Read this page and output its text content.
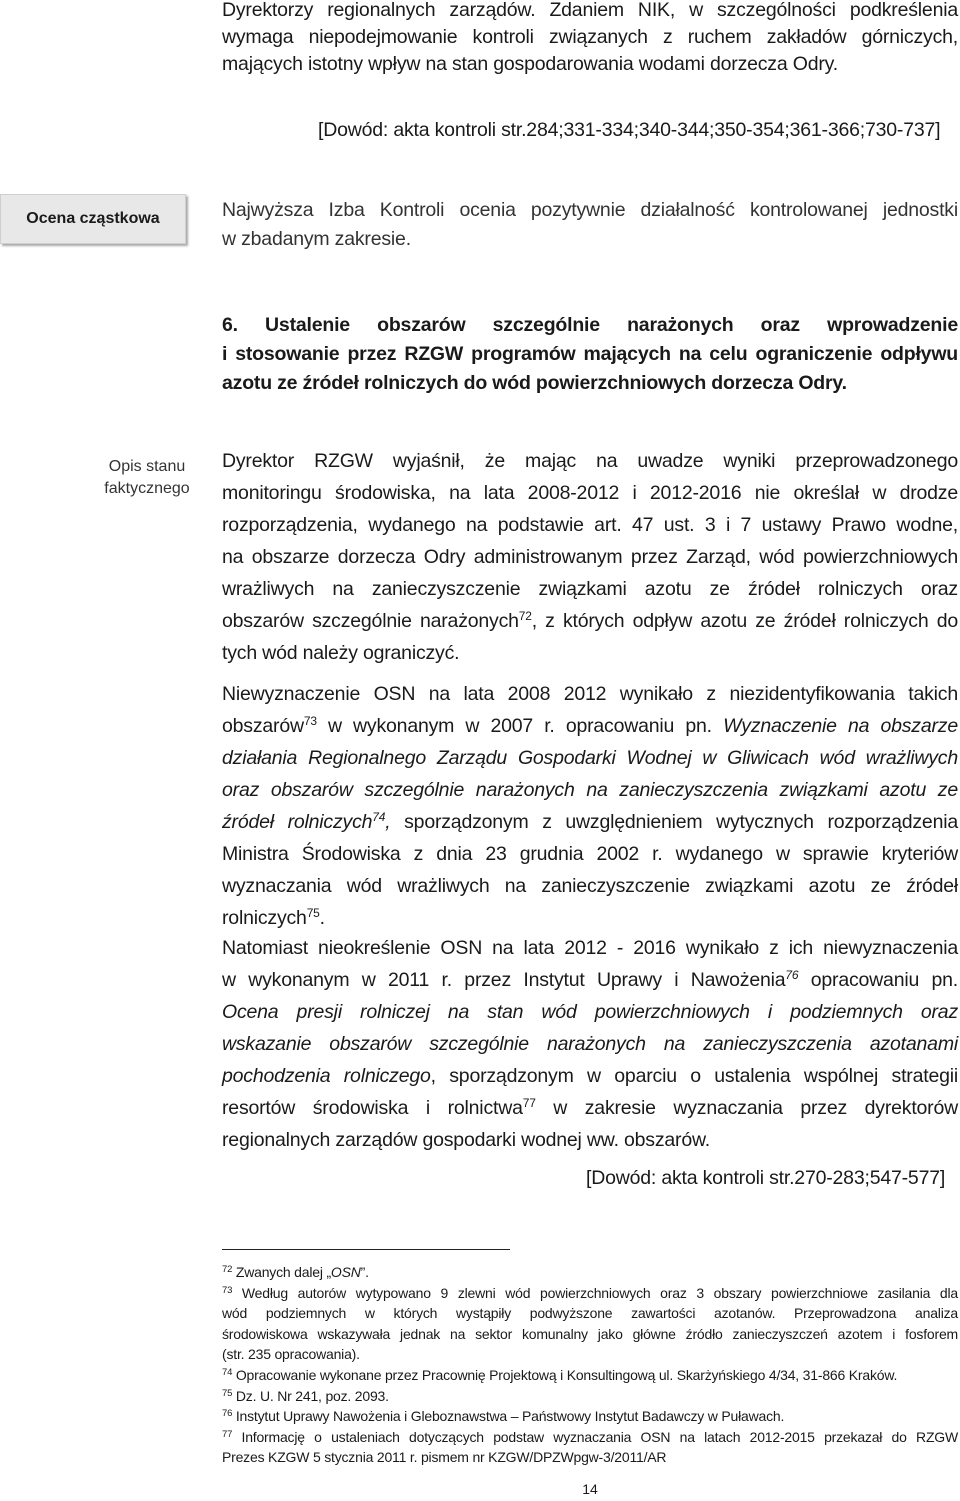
Dyrektorzy regionalnych zarządów. Zdaniem NIK, w szczególności podkreślenia
wymaga niepodejmowanie kontroli związanych z ruchem zakładów górniczych,
mających istotny wpływ na stan gospodarowania wodami dorzecza Odry.
[Dowód: akta kontroli str.284;331-334;340-344;350-354;361-366;730-737]
Ocena cząstkowa	Najwyższa Izba Kontroli ocenia pozytywnie działalność kontrolowanej jednostki
w zbadanym zakresie.
6. Ustalenie obszarów szczególnie narażonych oraz wprowadzenie
i stosowanie przez RZGW programów mających na celu ograniczenie odpływu
azotu ze źródeł rolniczych do wód powierzchniowych dorzecza Odry.
Opis stanu
faktycznego
Dyrektor RZGW wyjaśnił, że mając na uwadze wyniki przeprowadzonego
monitoringu środowiska, na lata 2008-2012 i 2012-2016 nie określał w drodze
rozporządzenia, wydanego na podstawie art. 47 ust. 3 i 7 ustawy Prawo wodne,
na obszarze dorzecza Odry administrowanym przez Zarząd, wód powierzchniowych
wrażliwych na zanieczyszczenie związkami azotu ze źródeł rolniczych oraz
obszarów szczególnie narażonych$^{72}$, z których odpływ azotu ze źródeł rolniczych do
tych wód należy ograniczyć.
Niewyznaczenie OSN na lata 2008 2012 wynikało z niezidentyfikowania takich
obszarów$^{73}$ w wykonanym w 2007 r. opracowaniu pn. Wyznaczenie na obszarze
działania Regionalnego Zarządu Gospodarki Wodnej w Gliwicach wód wrażliwych
oraz obszarów szczególnie narażonych na zanieczyszczenia związkami azotu ze
źródeł rolniczych$^{74}$, sporządzonym z uwzględnieniem wytycznych rozporządzenia
Ministra Środowiska z dnia 23 grudnia 2002 r. wydanego w sprawie kryteriów
wyznaczania wód wrażliwych na zanieczyszczenie związkami azotu ze źródeł
rolniczych$^{75}$.
Natomiast nieokreślenie OSN na lata 2012 - 2016 wynikało z ich niewyznaczenia
w wykonanym w 2011 r. przez Instytut Uprawy i Nawożenia$^{76}$ opracowaniu pn.
Ocena presji rolniczej na stan wód powierzchniowych i podziemnych oraz
wskazanie obszarów szczególnie narażonych na zanieczyszczenia azotanami
pochodzenia rolniczego, sporządzonym w oparciu o ustalenia wspólnej strategii
resortów środowiska i rolnictwa$^{77}$ w zakresie wyznaczania przez dyrektorów
regionalnych zarządów gospodarki wodnej ww. obszarów.
[Dowód: akta kontroli str.270-283;547-577]
$^{72}$ Zwanych dalej „OSN”.
$^{73}$ Według autorów wytypowano 9 zlewni wód powierzchniowych oraz 3 obszary powierzchniowe zasilania dla
wód podziemnych w których wystąpiły podwyższone zawartości azotanów. Przeprowadzona analiza
środowiskowa wskazywała jednak na sektor komunalny jako główne źródło zanieczyszczeń azotem i fosforem
(str. 235 opracowania).
$^{74}$ Opracowanie wykonane przez Pracownię Projektową i Konsultingową ul. Skarżyńskiego 4/34, 31-866 Kraków.
$^{75}$ Dz. U. Nr 241, poz. 2093.
$^{76}$ Instytut Uprawy Nawożenia i Gleboznawstwa – Państwowy Instytut Badawczy w Puławach.
$^{77}$ Informację o ustaleniach dotyczących podstaw wyznaczania OSN na latach 2012-2015 przekazał do RZGW
Prezes KZGW 5 stycznia 2011 r. pismem nr KZGW/DPZWpgw-3/2011/AR
14
